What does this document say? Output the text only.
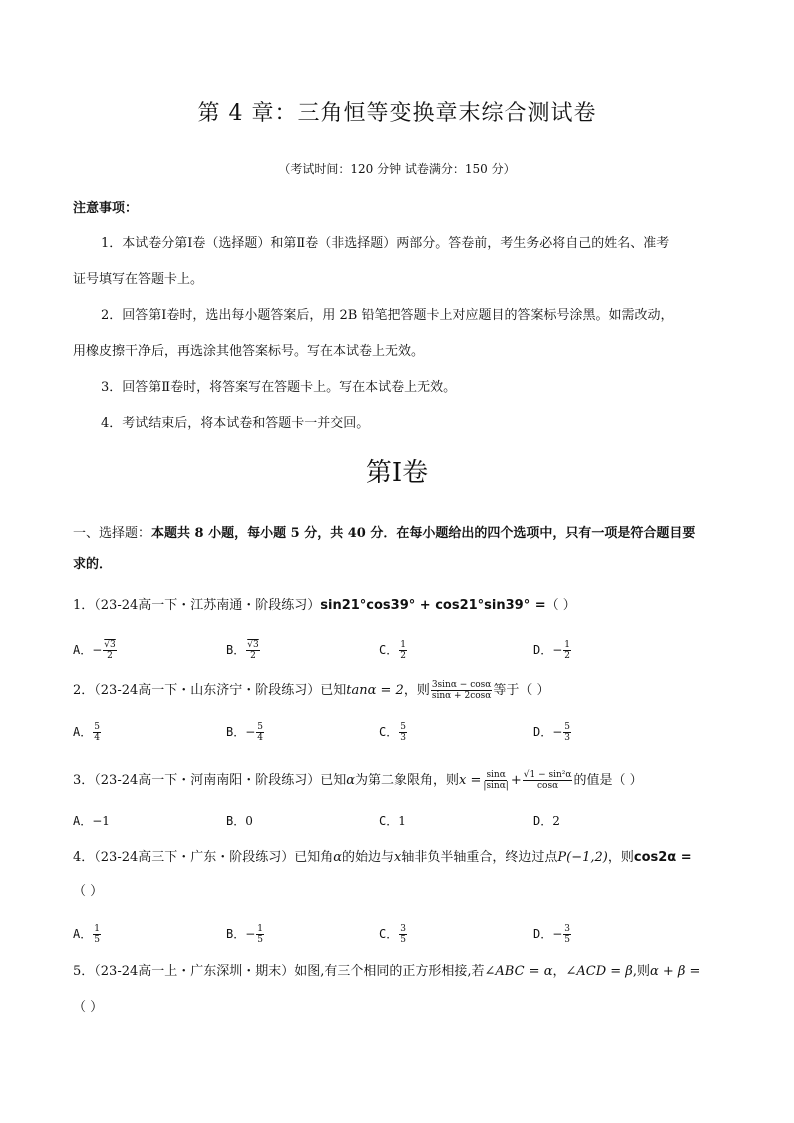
第 4 章：三角恒等变换章末综合测试卷
（考试时间：120 分钟 试卷满分：150 分）
注意事项：
1．本试卷分第Ⅰ卷（选择题）和第Ⅱ卷（非选择题）两部分。答卷前，考生务必将自己的姓名、准考
证号填写在答题卡上。
2．回答第Ⅰ卷时，选出每小题答案后，用 2B 铅笔把答题卡上对应题目的答案标号涂黑。如需改动，
用橡皮擦干净后，再选涂其他答案标号。写在本试卷上无效。
3．回答第Ⅱ卷时，将答案写在答题卡上。写在本试卷上无效。
4．考试结束后，将本试卷和答题卡一并交回。
第Ⅰ卷
一、选择题：本题共 8 小题，每小题 5 分，共 40 分．在每小题给出的四个选项中，只有一项是符合题目要
求的．
1．（23-24高一下・江苏南通・阶段练习）sin21°cos39° + cos21°sin39° =（ ）
A．− $\frac{√3}{2}$	B． $\frac{√3}{2}$	C． $\frac{1}{2}$	D．− $\frac{1}{2}$
2．（23-24高一下・山东济宁・阶段练习）已知tanα = 2，则 $\frac{3\sin\alpha - \cos\alpha}{\sin\alpha + 2\cos\alpha}$ 等于（ ）
A． $\frac{5}{4}$	B．− $\frac{5}{4}$	C． $\frac{5}{3}$	D．− $\frac{5}{3}$
3．（23-24高一下・河南南阳・阶段练习）已知α为第二象限角，则$x = \frac{\sin\alpha}{|\sin\alpha|} + \frac{\text{√1 − sin²α}}{\cos\alpha}$ 的值是（ ）
A．−1	B．0	C．1	D．2
4．（23-24高三下・广东・阶段练习）已知角α的始边与x轴非负半轴重合，终边过点P(−1,2)，则cos2α =
（ ）
A． $\frac{1}{5}$	B．− $\frac{1}{5}$	C． $\frac{3}{5}$	D．− $\frac{3}{5}$
5．（23-24高一上・广东深圳・期末）如图,有三个相同的正方形相接,若∠ABC = α，∠ACD = β,则α + β =
（ ）
